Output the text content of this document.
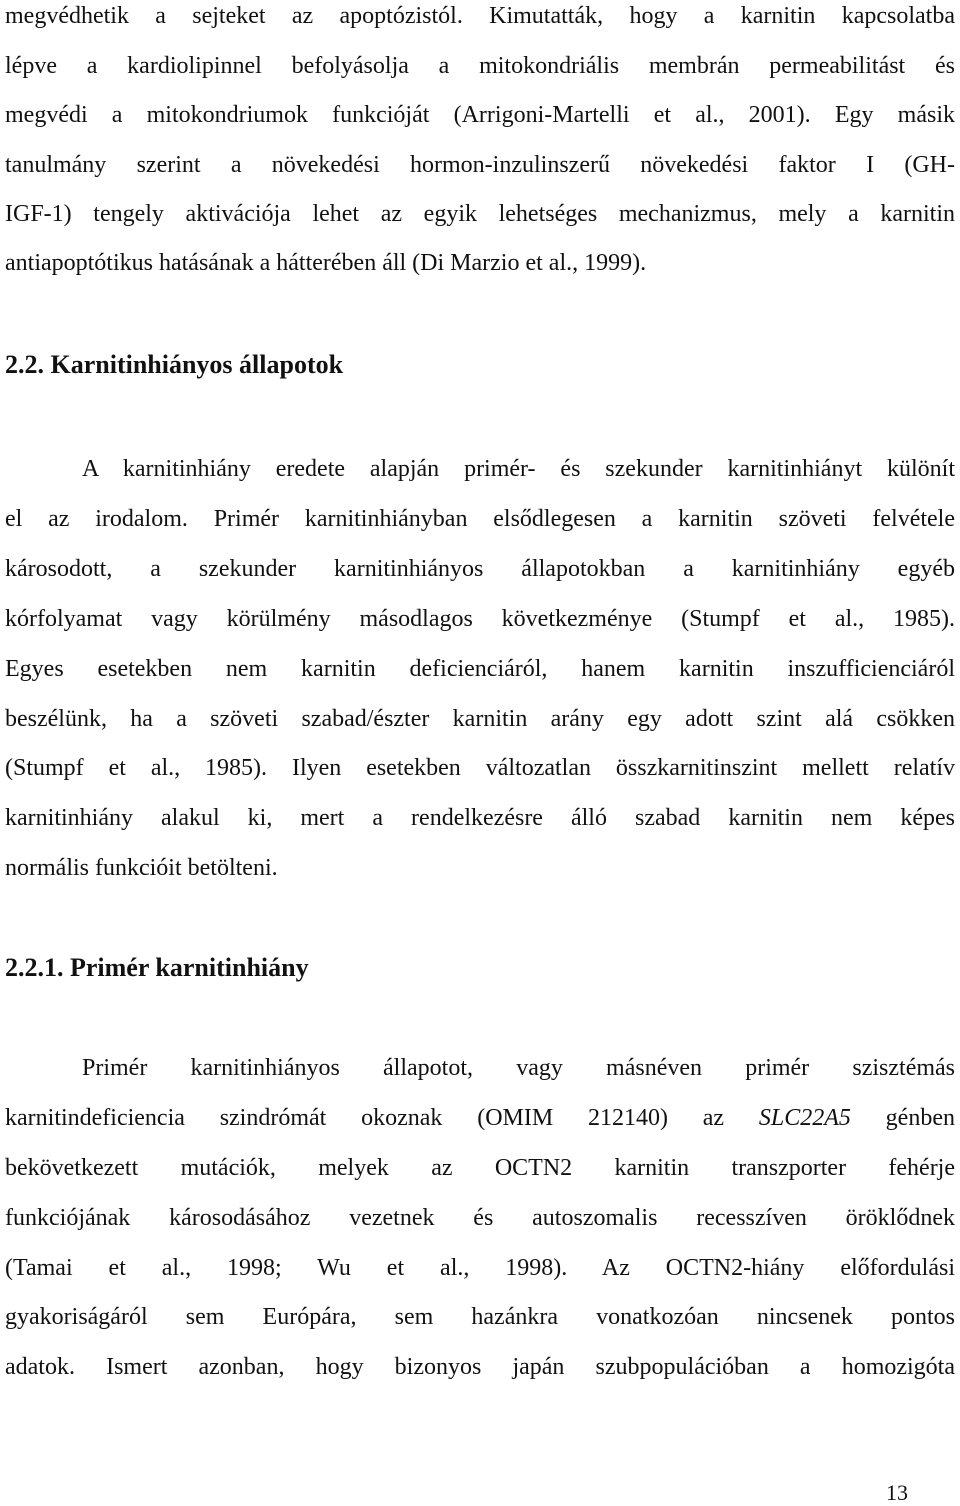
megvédhetik a sejteket az apoptózistól. Kimutatták, hogy a karnitin kapcsolatba
lépve a kardiolipinnel befolyásolja a mitokondriális membrán permeabilitást és
megvédi a mitokondriumok funkcióját (Arrigoni-Martelli et al., 2001). Egy másik
tanulmány szerint a növekedési hormon-inzulinszerű növekedési faktor I (GH-
IGF-1) tengely aktivációja lehet az egyik lehetséges mechanizmus, mely a karnitin
antiapoptótikus hatásának a hátterében áll (Di Marzio et al., 1999).
2.2. Karnitinhiányos állapotok
A karnitinhiány eredete alapján primér- és szekunder karnitinhiányt különít
el az irodalom. Primér karnitinhiányban elsődlegesen a karnitin szöveti felvétele
károsodott, a szekunder karnitinhiányos állapotokban a karnitinhiány egyéb
kórfolyamat vagy körülmény másodlagos következménye (Stumpf et al., 1985).
Egyes esetekben nem karnitin deficienciáról, hanem karnitin inszufficienciáról
beszélünk, ha a szöveti szabad/észter karnitin arány egy adott szint alá csökken
(Stumpf et al., 1985). Ilyen esetekben változatlan összkarnitinszint mellett relatív
karnitinhiány alakul ki, mert a rendelkezésre álló szabad karnitin nem képes
normális funkcióit betölteni.
2.2.1. Primér karnitinhiány
Primér karnitinhiányos állapotot, vagy másnéven primér szisztémás
karnitindeficiencia szindrómát okoznak (OMIM 212140) az SLC22A5 génben
bekövetkezett mutációk, melyek az OCTN2 karnitin transzporter fehérje
funkciójának károsodásához vezetnek és autoszomalis recesszíven öröklődnek
(Tamai et al., 1998; Wu et al., 1998). Az OCTN2-hiány előfordulási
gyakoriságáról sem Európára, sem hazánkra vonatkozóan nincsenek pontos
adatok. Ismert azonban, hogy bizonyos japán szubpopulációban a homozigóta
13
